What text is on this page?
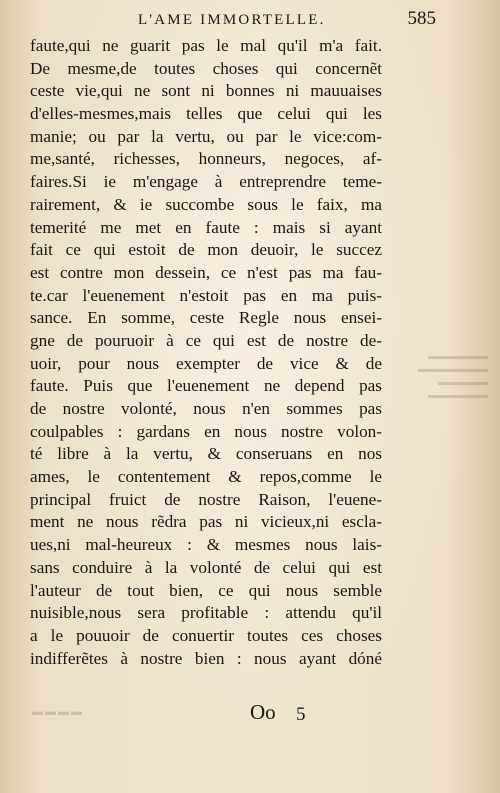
L'AME IMMORTELLE.	585
faute,qui ne guarit pas le mal qu'il m'a fait.
De mesme,de toutes choses qui concernẽt
ceste vie,qui ne sont ni bonnes ni mauuaises
d'elles-mesmes,mais telles que celui qui les
manie; ou par la vertu, ou par le vice:com-
me,santé, richesses, honneurs, negoces, af-
faires.Si ie m'engage à entreprendre teme-
rairement, & ie succombe sous le faix, ma
temerité me met en faute : mais si ayant
fait ce qui estoit de mon deuoir, le succez
est contre mon dessein, ce n'est pas ma fau-
te.car l'euenement n'estoit pas en ma puis-
sance. En somme, ceste Regle nous ensei-
gne de pouruoir à ce qui est de nostre de-
uoir, pour nous exempter de vice & de
faute. Puis que l'euenement ne depend pas
de nostre volonté, nous n'en sommes pas
coulpables : gardans en nous nostre volon-
té libre à la vertu, & conseruans en nos
ames, le contentement & repos,comme le
principal fruict de nostre Raison, l'euene-
ment ne nous rẽdra pas ni vicieux,ni escla-
ues,ni mal-heureux : & mesmes nous lais-
sans conduire à la volonté de celui qui est
l'auteur de tout bien, ce qui nous semble
nuisible,nous sera profitable : attendu qu'il
a le pouuoir de conuertir toutes ces choses
indifferẽtes à nostre bien : nous ayant dóné
▬▬▬▬▬▬
▬▬▬▬▬▬▬
▬▬▬▬▬
▬▬▬▬▬▬
▬▬▬▬	Oo 5
